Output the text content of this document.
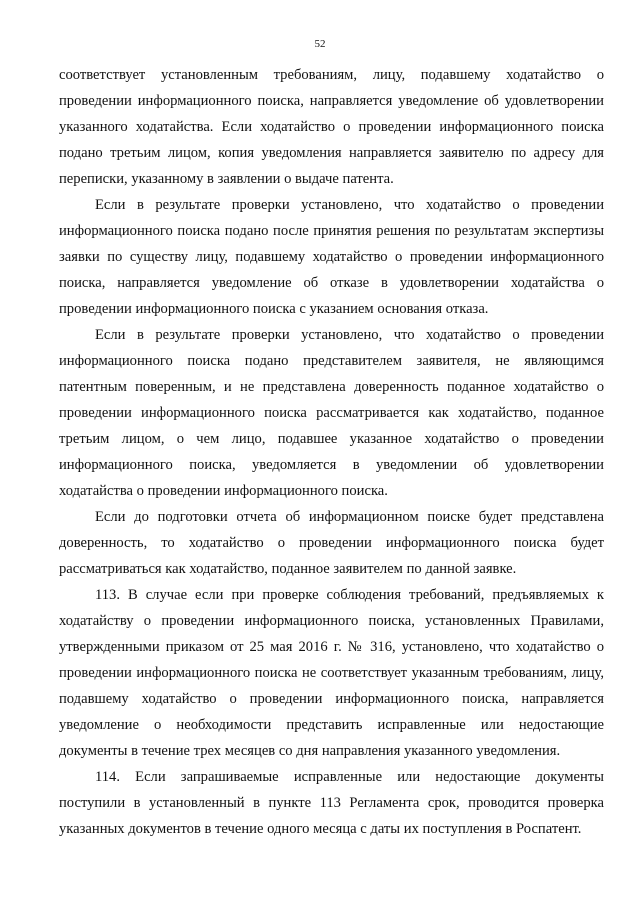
52

соответствует установленным требованиям, лицу, подавшему ходатайство о проведении информационного поиска, направляется уведомление об удовлетворении указанного ходатайства. Если ходатайство о проведении информационного поиска подано третьим лицом, копия уведомления направляется заявителю по адресу для переписки, указанному в заявлении о выдаче патента.

Если в результате проверки установлено, что ходатайство о проведении информационного поиска подано после принятия решения по результатам экспертизы заявки по существу лицу, подавшему ходатайство о проведении информационного поиска, направляется уведомление об отказе в удовлетворении ходатайства о проведении информационного поиска с указанием основания отказа.

Если в результате проверки установлено, что ходатайство о проведении информационного поиска подано представителем заявителя, не являющимся патентным поверенным, и не представлена доверенность поданное ходатайство о проведении информационного поиска рассматривается как ходатайство, поданное третьим лицом, о чем лицо, подавшее указанное ходатайство о проведении информационного поиска, уведомляется в уведомлении об удовлетворении ходатайства о проведении информационного поиска.

Если до подготовки отчета об информационном поиске будет представлена доверенность, то ходатайство о проведении информационного поиска будет рассматриваться как ходатайство, поданное заявителем по данной заявке.

113. В случае если при проверке соблюдения требований, предъявляемых к ходатайству о проведении информационного поиска, установленных Правилами, утвержденными приказом от 25 мая 2016 г. № 316, установлено, что ходатайство о проведении информационного поиска не соответствует указанным требованиям, лицу, подавшему ходатайство о проведении информационного поиска, направляется уведомление о необходимости представить исправленные или недостающие документы в течение трех месяцев со дня направления указанного уведомления.

114. Если запрашиваемые исправленные или недостающие документы поступили в установленный в пункте 113 Регламента срок, проводится проверка указанных документов в течение одного месяца с даты их поступления в Роспатент.
